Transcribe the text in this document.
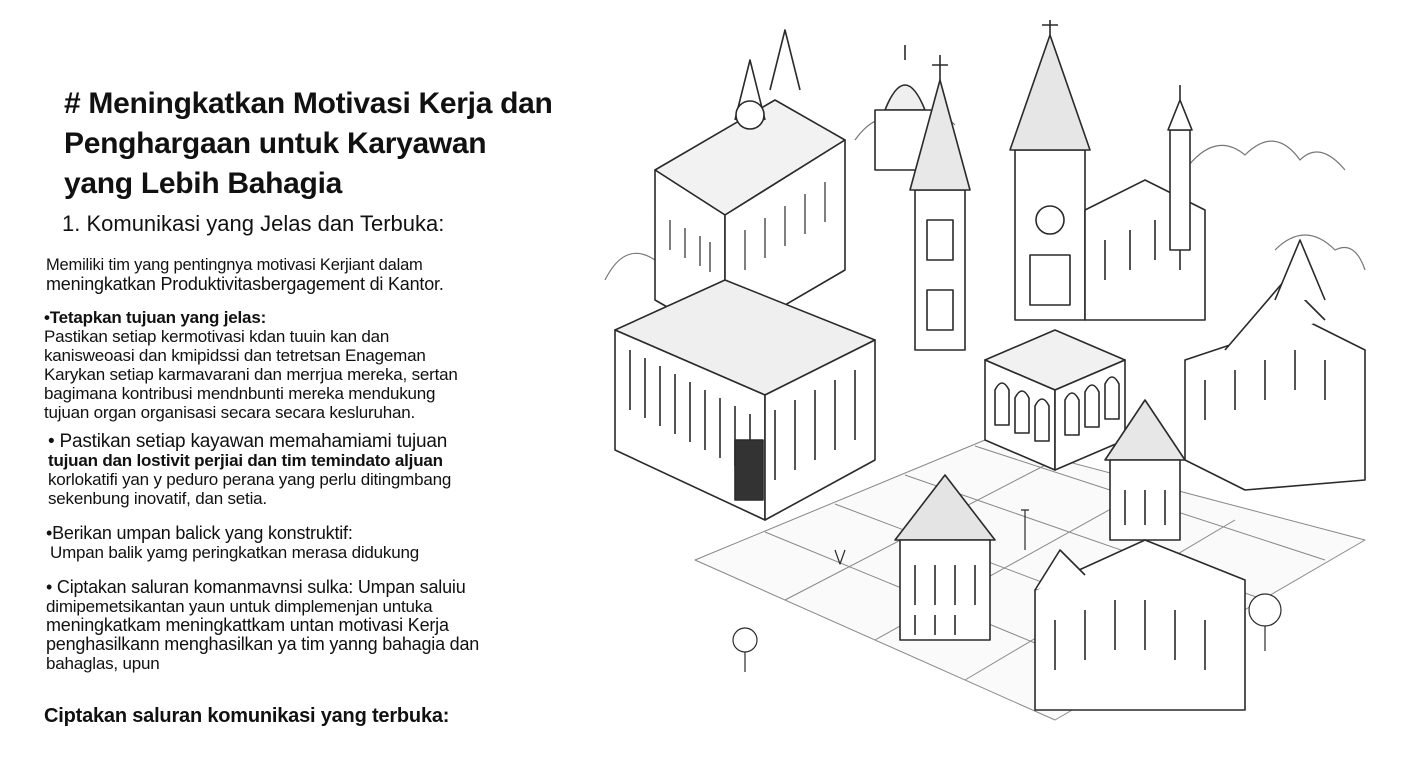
# Meningkatkan Motivasi Kerja dan
Penghargaan untuk Karyawan
yang Lebih Bahagia
1. Komunikasi yang Jelas dan Terbuka:
Memiliki tim yang pentingnya motivasi Kerjiant dalam
meningkatkan Produktivitasbergagement di Kantor.
•Tetapkan tujuan yang jelas:
Pastikan setiap kermotivasi kdan tuuin kan dan
kanisweoasi dan kmipidssi dan tetretsan Enageman
Karykan setiap karmavarani dan merrjua mereka, sertan
bagimana kontribusi mendnbunti mereka mendukung
tujuan organ organisasi secara secara kesluruhan.
• Pastikan setiap kayawan memahamiami tujuan
tujuan dan lostivit perjiai dan tim temindato aljuan
korlokatifi yan y peduro perana yang perlu ditingmbang
sekenbung inovatif, dan setia.
•Berikan umpan balick yang konstruktif:
Umpan balik yamg peringkatkan merasa didukung
• Ciptakan saluran komanmavnsi sulka: Umpan saluiu
dimipemetsikantan yaun untuk dimplemenjan untuka
meningkatkam meningkattkam untan motivasi Kerja
penghasilkann menghasilkan ya tim yanng bahagia dan
bahaglas, upun
Ciptakan saluran komunikasi yang terbuka:
